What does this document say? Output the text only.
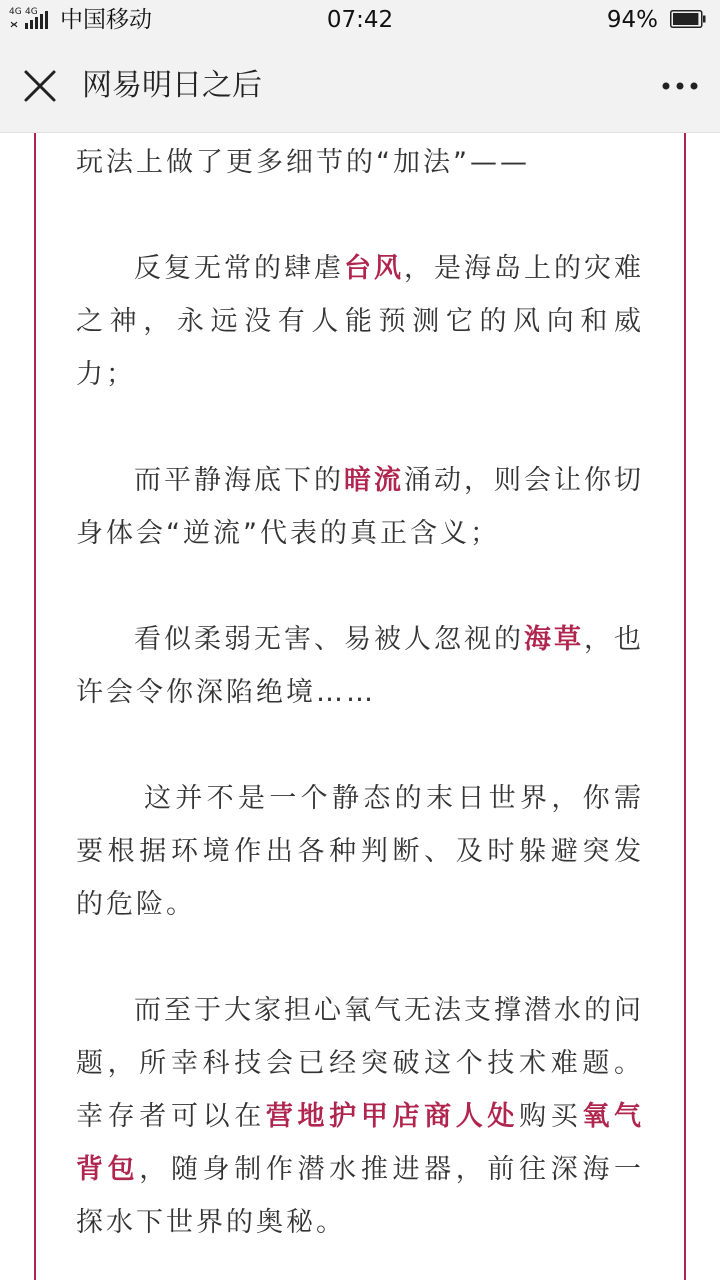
4G 4G 中国移动	07:42	94%
网易明日之后

玩法上做了更多细节的“加法”——

反复无常的肆虐台风，是海岛上的灾难之神，永远没有人能预测它的风向和威力；

而平静海底下的暗流涌动，则会让你切身体会“逆流”代表的真正含义；

看似柔弱无害、易被人忽视的海草，也许会令你深陷绝境……

这并不是一个静态的末日世界，你需要根据环境作出各种判断、及时躲避突发的危险。

而至于大家担心氧气无法支撑潜水的问题，所幸科技会已经突破这个技术难题。幸存者可以在营地护甲店商人处购买氧气背包，随身制作潜水推进器，前往深海一探水下世界的奥秘。
